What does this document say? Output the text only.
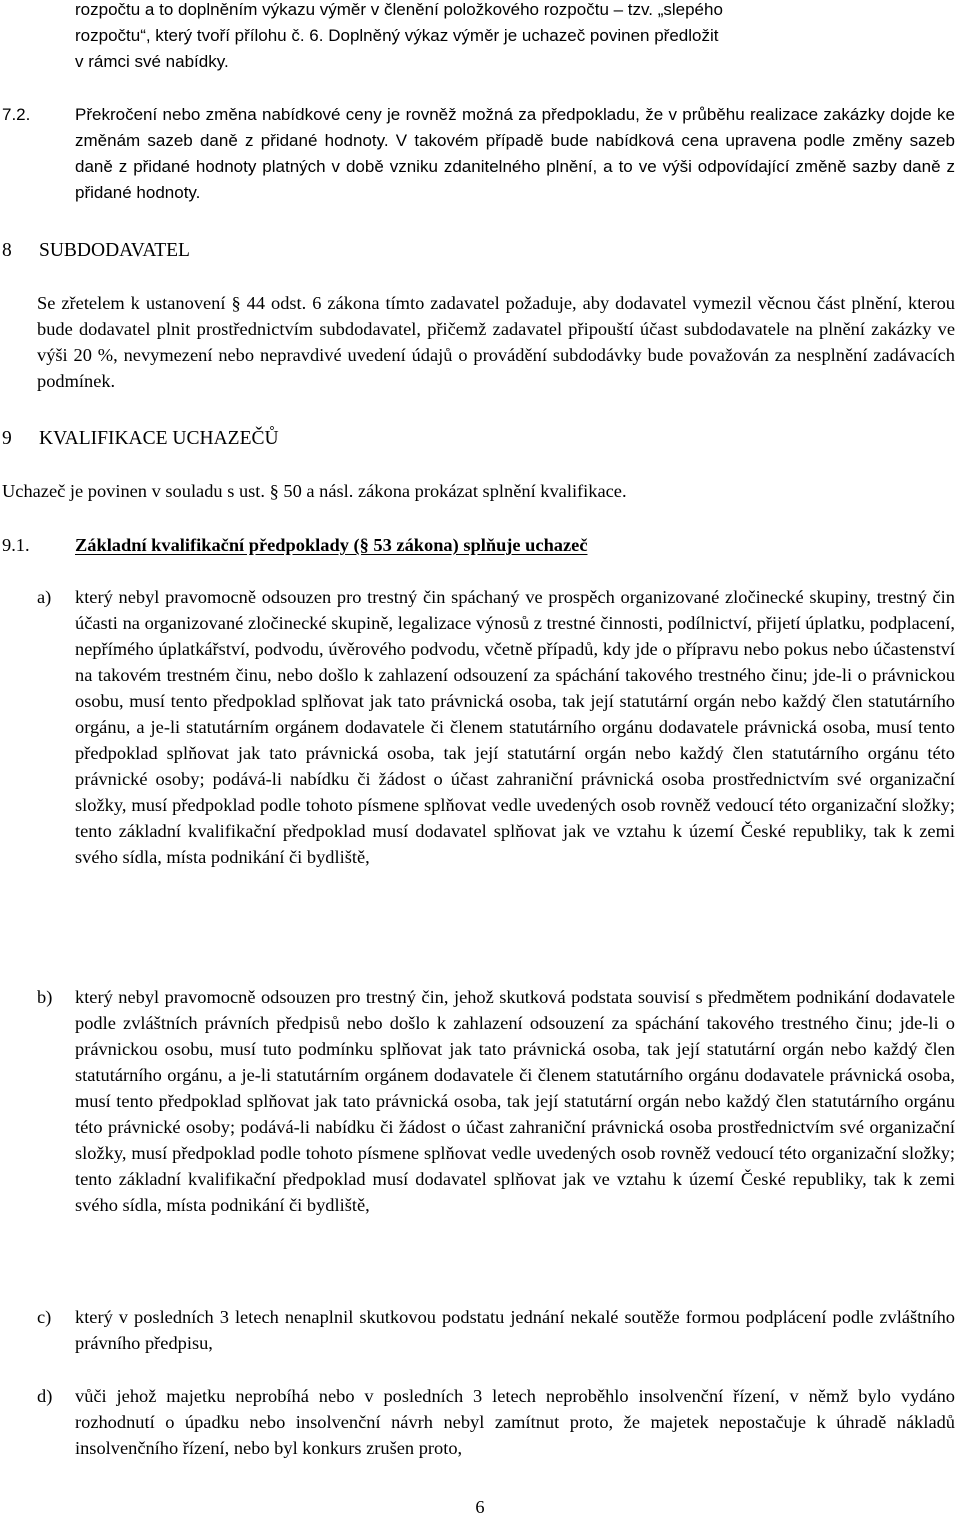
rozpočtu a to doplněním výkazu výměr v členění položkového rozpočtu – tzv. „slepého
rozpočtu“, který tvoří přílohu č. 6. Doplněný výkaz výměr je uchazeč povinen předložit
v rámci své nabídky.
7.2.	Překročení nebo změna nabídkové ceny je rovněž možná za předpokladu, že v průběhu realizace zakázky dojde ke změnám sazeb daně z přidané hodnoty. V takovém případě bude nabídková cena upravena podle změny sazeb daně z přidané hodnoty platných v době vzniku zdanitelného plnění, a to ve výši odpovídající změně sazby daně z přidané hodnoty.
8 SUBDODAVATEL
Se zřetelem k ustanovení § 44 odst. 6 zákona tímto zadavatel požaduje, aby dodavatel vymezil věcnou část plnění, kterou bude dodavatel plnit prostřednictvím subdodavatel, přičemž zadavatel připouští účast subdodavatele na plnění zakázky ve výši 20 %, nevymezení nebo nepravdivé uvedení údajů o provádění subdodávky bude považován za nesplnění zadávacích podmínek.
9 KVALIFIKACE UCHAZEČŮ
Uchazeč je povinen v souladu s ust. § 50 a násl. zákona prokázat splnění kvalifikace.
9.1. Základní kvalifikační předpoklady (§ 53 zákona) splňuje uchazeč
a) který nebyl pravomocně odsouzen pro trestný čin spáchaný ve prospěch organizované zločinecké skupiny, trestný čin účasti na organizované zločinecké skupině, legalizace výnosů z trestné činnosti, podílnictví, přijetí úplatku, podplacení, nepřímého úplatkářství, podvodu, úvěrového podvodu, včetně případů, kdy jde o přípravu nebo pokus nebo účastenství na takovém trestném činu, nebo došlo k zahlazení odsouzení za spáchání takového trestného činu; jde-li o právnickou osobu, musí tento předpoklad splňovat jak tato právnická osoba, tak její statutární orgán nebo každý člen statutárního orgánu, a je-li statutárním orgánem dodavatele či členem statutárního orgánu dodavatele právnická osoba, musí tento předpoklad splňovat jak tato právnická osoba, tak její statutární orgán nebo každý člen statutárního orgánu této právnické osoby; podává-li nabídku či žádost o účast zahraniční právnická osoba prostřednictvím své organizační složky, musí předpoklad podle tohoto písmene splňovat vedle uvedených osob rovněž vedoucí této organizační složky; tento základní kvalifikační předpoklad musí dodavatel splňovat jak ve vztahu k území České republiky, tak k zemi svého sídla, místa podnikání či bydliště,
b) který nebyl pravomocně odsouzen pro trestný čin, jehož skutková podstata souvisí s předmětem podnikání dodavatele podle zvláštních právních předpisů nebo došlo k zahlazení odsouzení za spáchání takového trestného činu; jde-li o právnickou osobu, musí tuto podmínku splňovat jak tato právnická osoba, tak její statutární orgán nebo každý člen statutárního orgánu, a je-li statutárním orgánem dodavatele či členem statutárního orgánu dodavatele právnická osoba, musí tento předpoklad splňovat jak tato právnická osoba, tak její statutární orgán nebo každý člen statutárního orgánu této právnické osoby; podává-li nabídku či žádost o účast zahraniční právnická osoba prostřednictvím své organizační složky, musí předpoklad podle tohoto písmene splňovat vedle uvedených osob rovněž vedoucí této organizační složky; tento základní kvalifikační předpoklad musí dodavatel splňovat jak ve vztahu k území České republiky, tak k zemi svého sídla, místa podnikání či bydliště,
c) který v posledních 3 letech nenaplnil skutkovou podstatu jednání nekalé soutěže formou podplácení podle zvláštního právního předpisu,
d) vůči jehož majetku neprobíhá nebo v posledních 3 letech neproběhlo insolvenční řízení, v němž bylo vydáno rozhodnutí o úpadku nebo insolvenční návrh nebyl zamítnut proto, že majetek nepostačuje k úhradě nákladů insolvenčního řízení, nebo byl konkurs zrušen proto,
6
